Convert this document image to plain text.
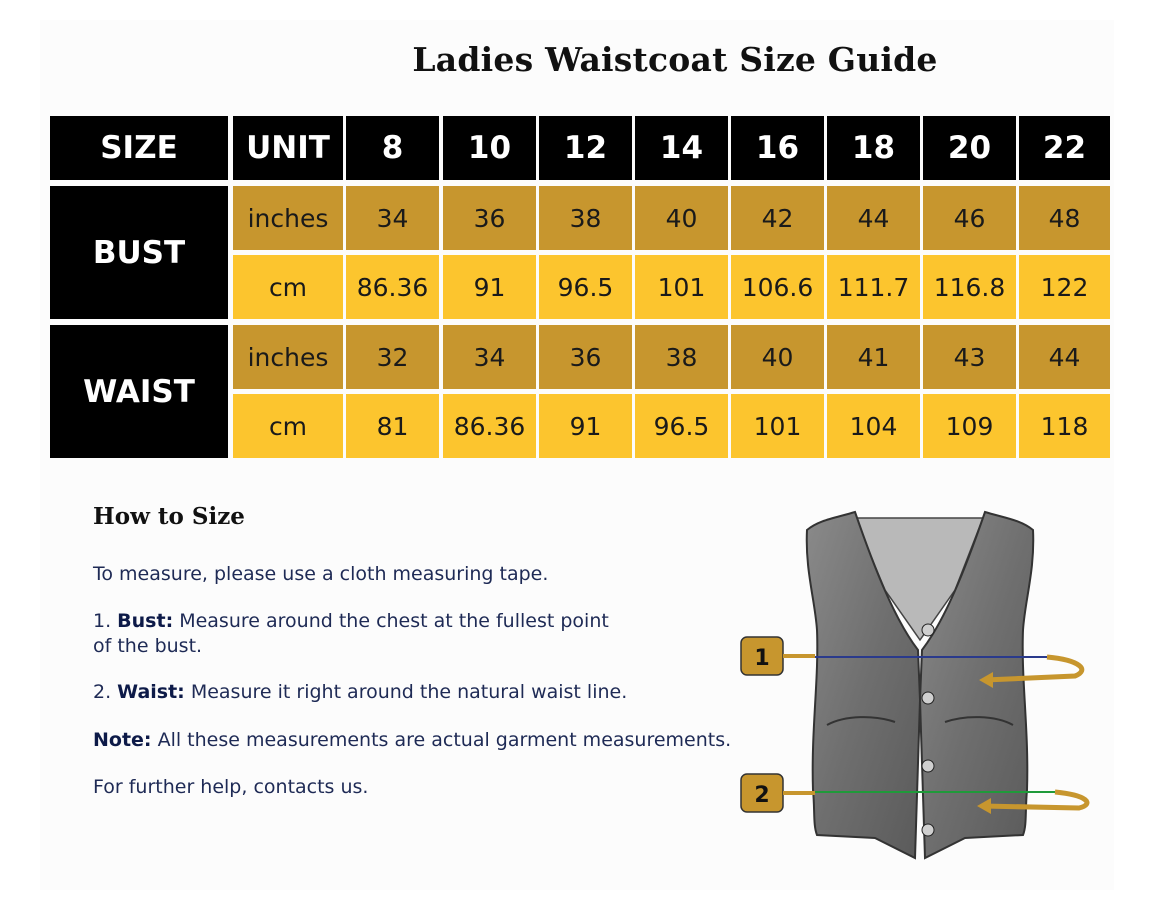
Ladies Waistcoat Size Guide
SIZE	UNIT	8	10	12	14	16	18	20	22
BUST
inches	34	36	38	40	42	44	46	48
cm	86.36	91	96.5	101	106.6 111.7 116.8	122
WAIST
inches	32	34	36	38	40	41	43	44
cm	81	86.36	91	96.5	101	104	109	118
How to Size
To measure, please use a cloth measuring tape.
1. Bust: Measure around the chest at the fullest point
of the bust.
2. Waist: Measure it right around the natural waist line.
Note: All these measurements are actual garment measurements.
For further help, contacts us.
1
2
